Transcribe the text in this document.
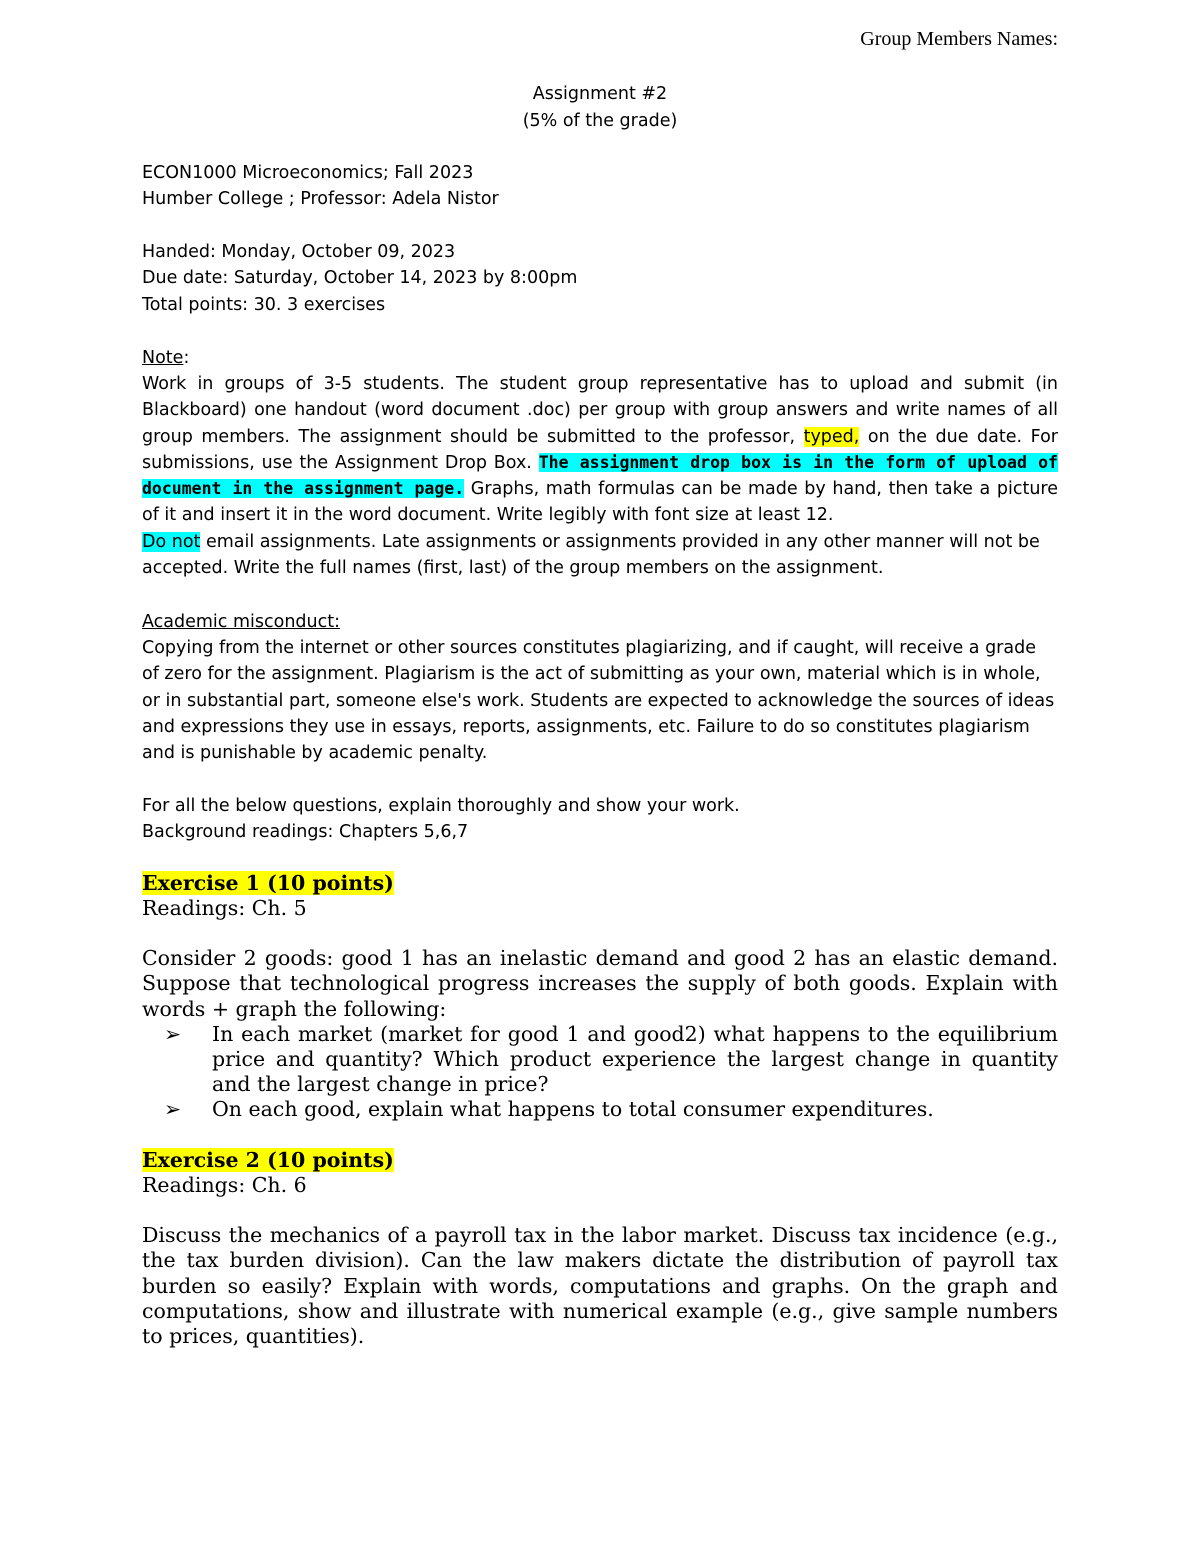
Group Members Names:
Assignment #2
(5% of the grade)
ECON1000 Microeconomics; Fall 2023
Humber College ; Professor: Adela Nistor
Handed: Monday, October 09, 2023
Due date: Saturday, October 14, 2023 by 8:00pm
Total points: 30. 3 exercises
Note:
Work in groups of 3-5 students. The student group representative has to upload and submit (in Blackboard) one handout (word document .doc) per group with group answers and write names of all group members. The assignment should be submitted to the professor, typed, on the due date. For submissions, use the Assignment Drop Box. The assignment drop box is in the form of upload of document in the assignment page. Graphs, math formulas can be made by hand, then take a picture of it and insert it in the word document. Write legibly with font size at least 12.
Do not email assignments. Late assignments or assignments provided in any other manner will not be accepted. Write the full names (first, last) of the group members on the assignment.
Academic misconduct:
Copying from the internet or other sources constitutes plagiarizing, and if caught, will receive a grade of zero for the assignment. Plagiarism is the act of submitting as your own, material which is in whole, or in substantial part, someone else's work. Students are expected to acknowledge the sources of ideas and expressions they use in essays, reports, assignments, etc. Failure to do so constitutes plagiarism and is punishable by academic penalty.
For all the below questions, explain thoroughly and show your work.
Background readings: Chapters 5,6,7
Exercise 1 (10 points)
Readings: Ch. 5
Consider 2 goods: good 1 has an inelastic demand and good 2 has an elastic demand. Suppose that technological progress increases the supply of both goods. Explain with words + graph the following:
➢ In each market (market for good 1 and good2) what happens to the equilibrium price and quantity? Which product experience the largest change in quantity and the largest change in price?
➢ On each good, explain what happens to total consumer expenditures.
Exercise 2 (10 points)
Readings: Ch. 6
Discuss the mechanics of a payroll tax in the labor market. Discuss tax incidence (e.g., the tax burden division). Can the law makers dictate the distribution of payroll tax burden so easily? Explain with words, computations and graphs. On the graph and computations, show and illustrate with numerical example (e.g., give sample numbers to prices, quantities).
